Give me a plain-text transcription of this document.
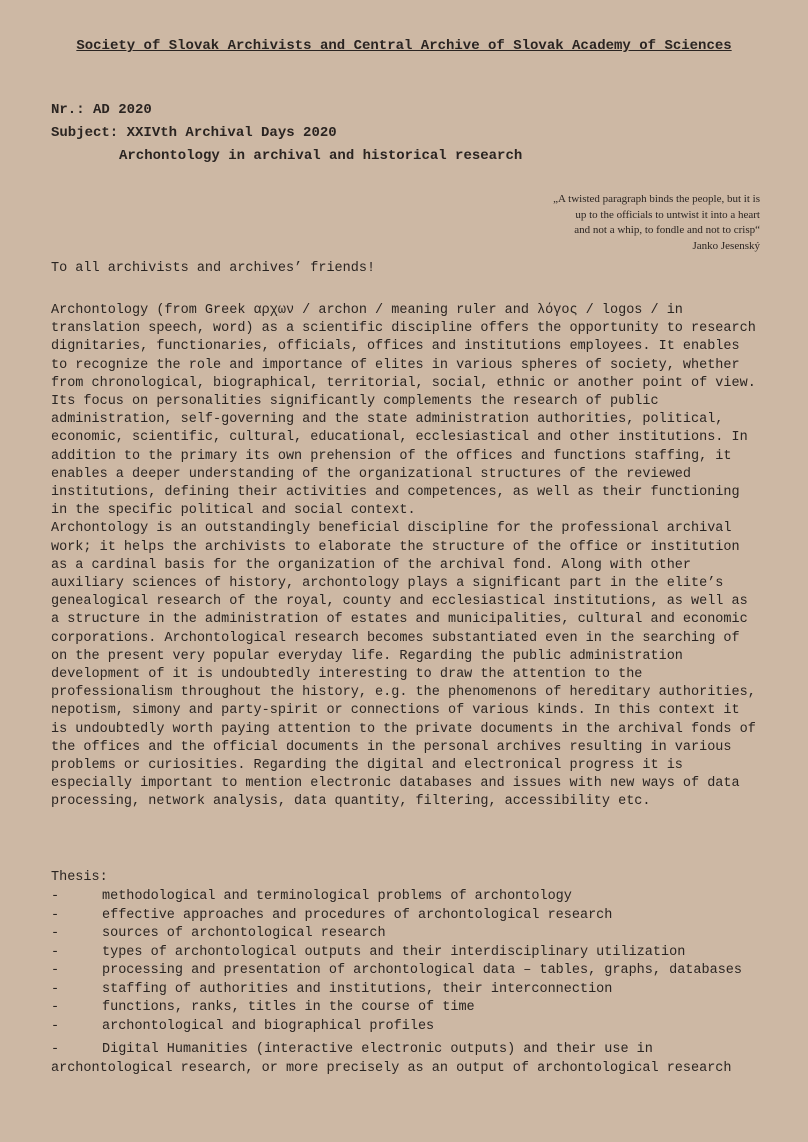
Society of Slovak Archivists and Central Archive of Slovak Academy of Sciences
Nr.: AD 2020
Subject: XXIVth Archival Days 2020
Archontology in archival and historical research
„A twisted paragraph binds the people, but it is
up to the officials to untwist it into a heart
and not a whip, to fondle and not to crisp“
Janko Jesenský
To all archivists and archives’ friends!

Archontology (from Greek αρχων / archon / meaning ruler and λόγος / logos / in translation speech, word) as a scientific discipline offers the opportunity to research dignitaries, functionaries, officials, offices and institutions employees. It enables to recognize the role and importance of elites in various spheres of society, whether from chronological, biographical, territorial, social, ethnic or another point of view. Its focus on personalities significantly complements the research of public administration, self-governing and the state administration authorities, political, economic, scientific, cultural, educational, ecclesiastical and other institutions. In addition to the primary its own prehension of the offices and functions staffing, it enables a deeper understanding of the organizational structures of the reviewed institutions, defining their activities and competences, as well as their functioning in the specific political and social context.

Archontology is an outstandingly beneficial discipline for the professional archival work; it helps the archivists to elaborate the structure of the office or institution as a cardinal basis for the organization of the archival fond. Along with other auxiliary sciences of history, archontology plays a significant part in the elite’s genealogical research of the royal, county and ecclesiastical institutions, as well as a structure in the administration of estates and municipalities, cultural and economic corporations. Archontological research becomes substantiated even in the searching of on the present very popular everyday life. Regarding the public administration development of it is undoubtedly interesting to draw the attention to the professionalism throughout the history, e.g. the phenomenons of hereditary authorities, nepotism, simony and party-spirit or connections of various kinds. In this context it is undoubtedly worth paying attention to the private documents in the archival fonds of the offices and the official documents in the personal archives resulting in various problems or curiosities. Regarding the digital and electronical progress it is especially important to mention electronic databases and issues with new ways of data processing, network analysis, data quantity, filtering, accessibility etc.

Thesis:
-	methodological and terminological problems of archontology
-	effective approaches and procedures of archontological research
-	sources of archontological research
-	types of archontological outputs and their interdisciplinary utilization
-	processing and presentation of archontological data – tables, graphs, databases
-	staffing of authorities and institutions, their interconnection
-	functions, ranks, titles in the course of time
-	archontological and biographical profiles
-	Digital Humanities (interactive electronic outputs) and their use in archontological research, or more precisely as an output of archontological research
